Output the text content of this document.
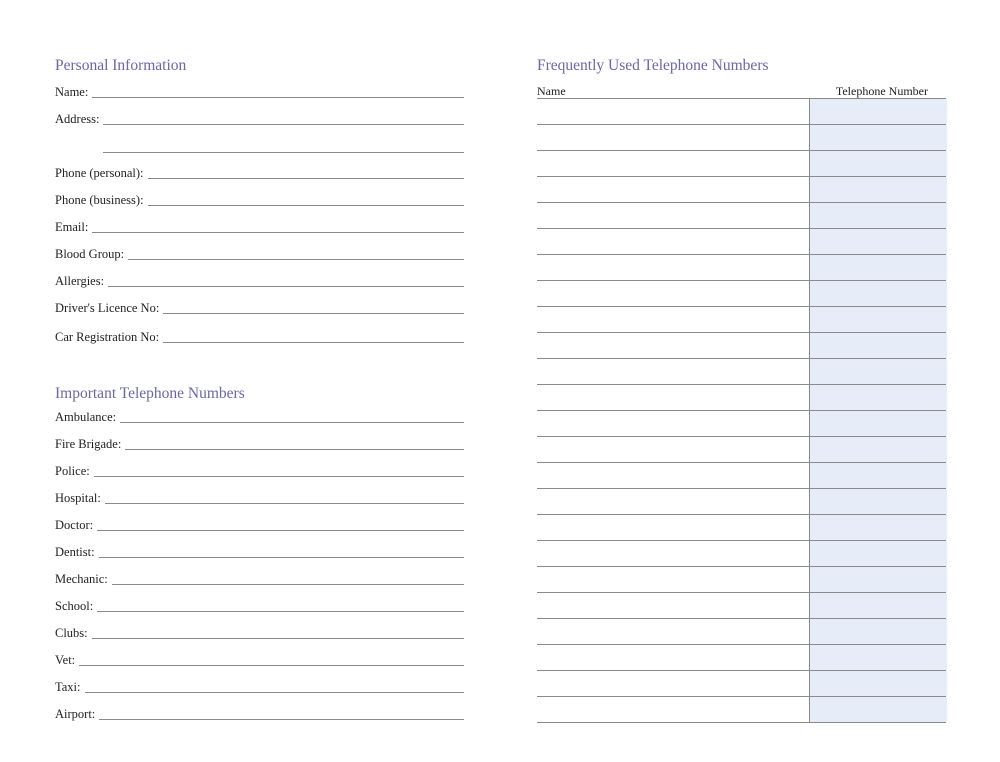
Personal Information
Name:
Address:
Phone (personal):
Phone (business):
Email:
Blood Group:
Allergies:
Driver's Licence No:
Car Registration No:
Important Telephone Numbers
Ambulance:
Fire Brigade:
Police:
Hospital:
Doctor:
Dentist:
Mechanic:
School:
Clubs:
Vet:
Taxi:
Airport:
Frequently Used Telephone Numbers
Name	Telephone Number
